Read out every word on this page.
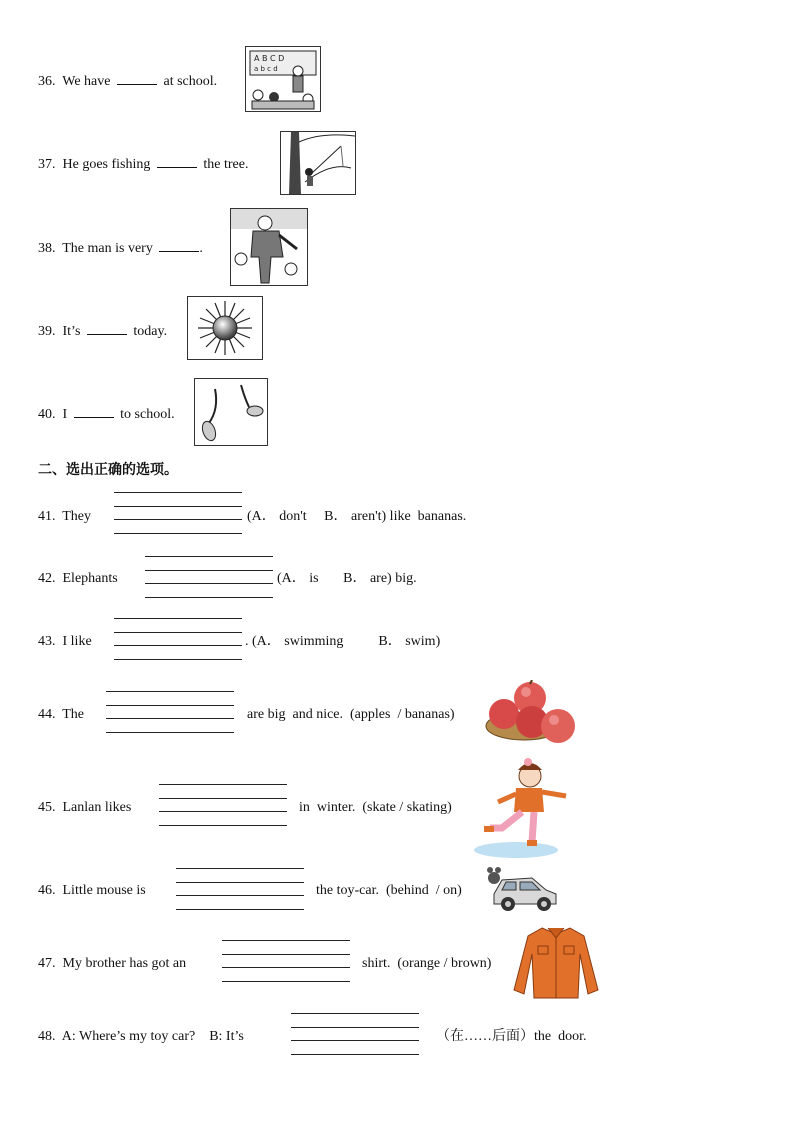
36. We have	at school.
A B C D
a b c d
37. He goes fishing	the tree.
38. The man is very	.
39. It’s	today.
40. I	to school.
二、选出正确的选项。
41. They	(A． don't     B． aren't) like  bananas.
42. Elephants	(A． is       B． are) big.
43. I like	. (A． swimming          B． swim)
44. The	are big  and nice.  (apples  / bananas)
45. Lanlan likes	in  winter.  (skate / skating)
46. Little mouse is	the toy-car.  (behind  / on)
47. My brother has got an	shirt.  (orange / brown)
48. A: Where’s my toy car?    B: It’s	（在……后面）the  door.
